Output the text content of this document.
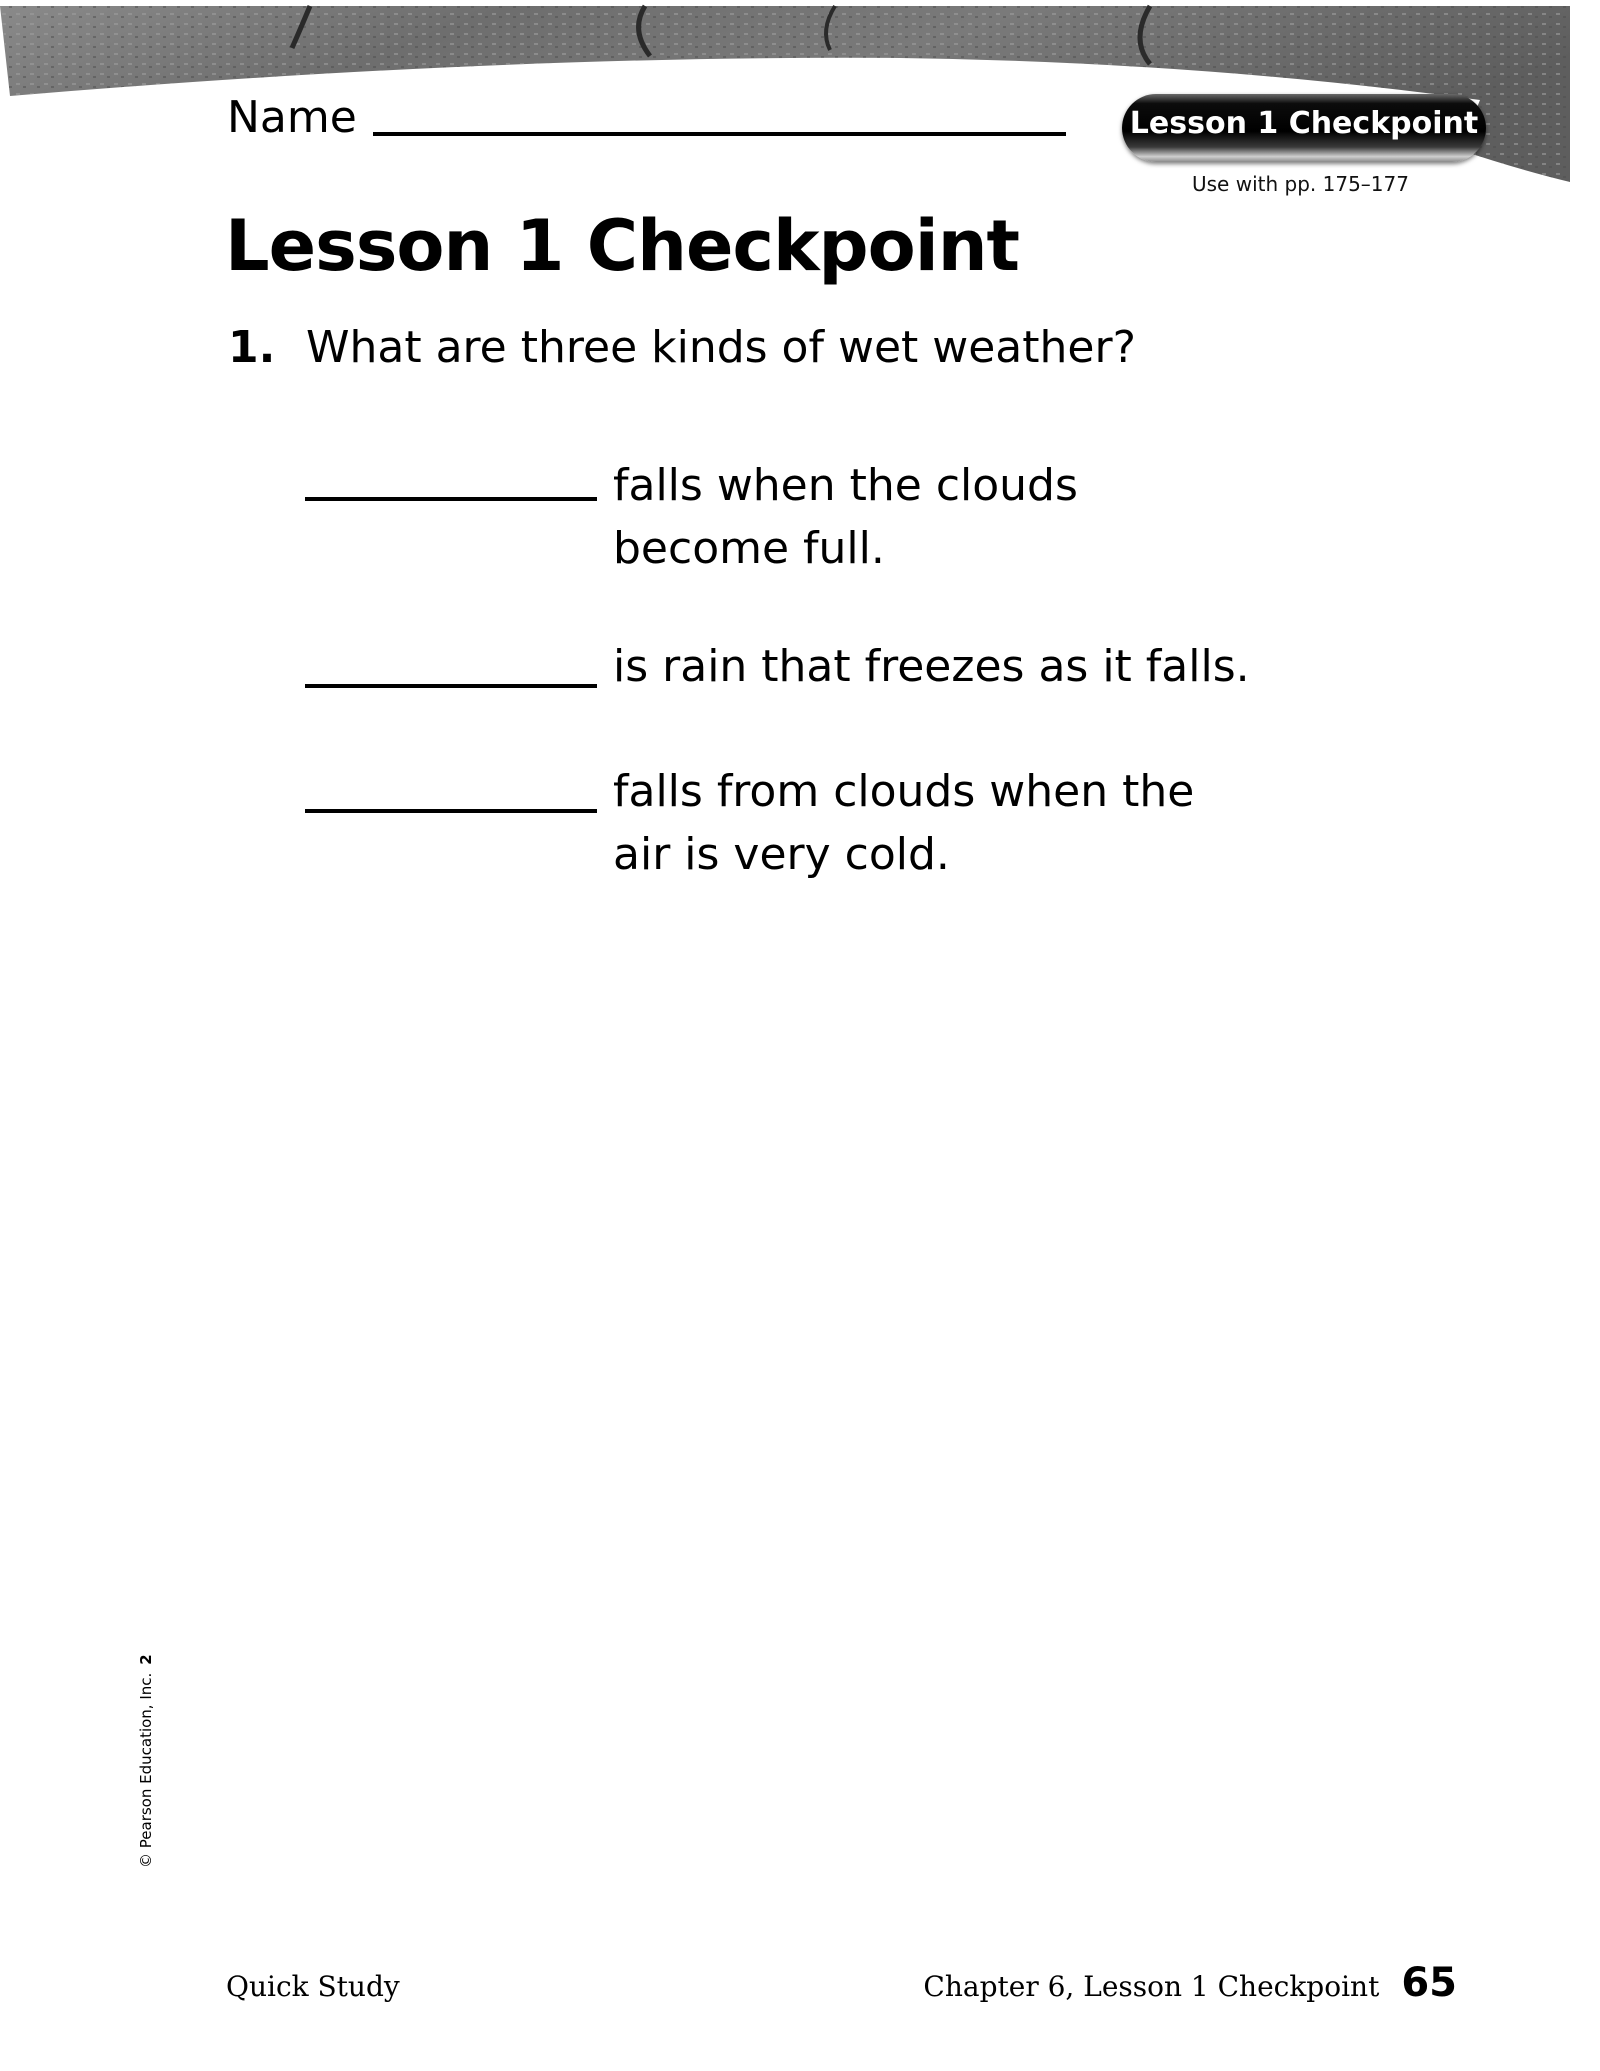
Name	Lesson 1 Checkpoint
Use with pp. 175–177
Lesson 1 Checkpoint
1. What are three kinds of wet weather?
falls when the clouds become full.
is rain that freezes as it falls.
falls from clouds when the air is very cold.
© Pearson Education, Inc.2
Quick Study	Chapter 6, Lesson 1 Checkpoint 65
